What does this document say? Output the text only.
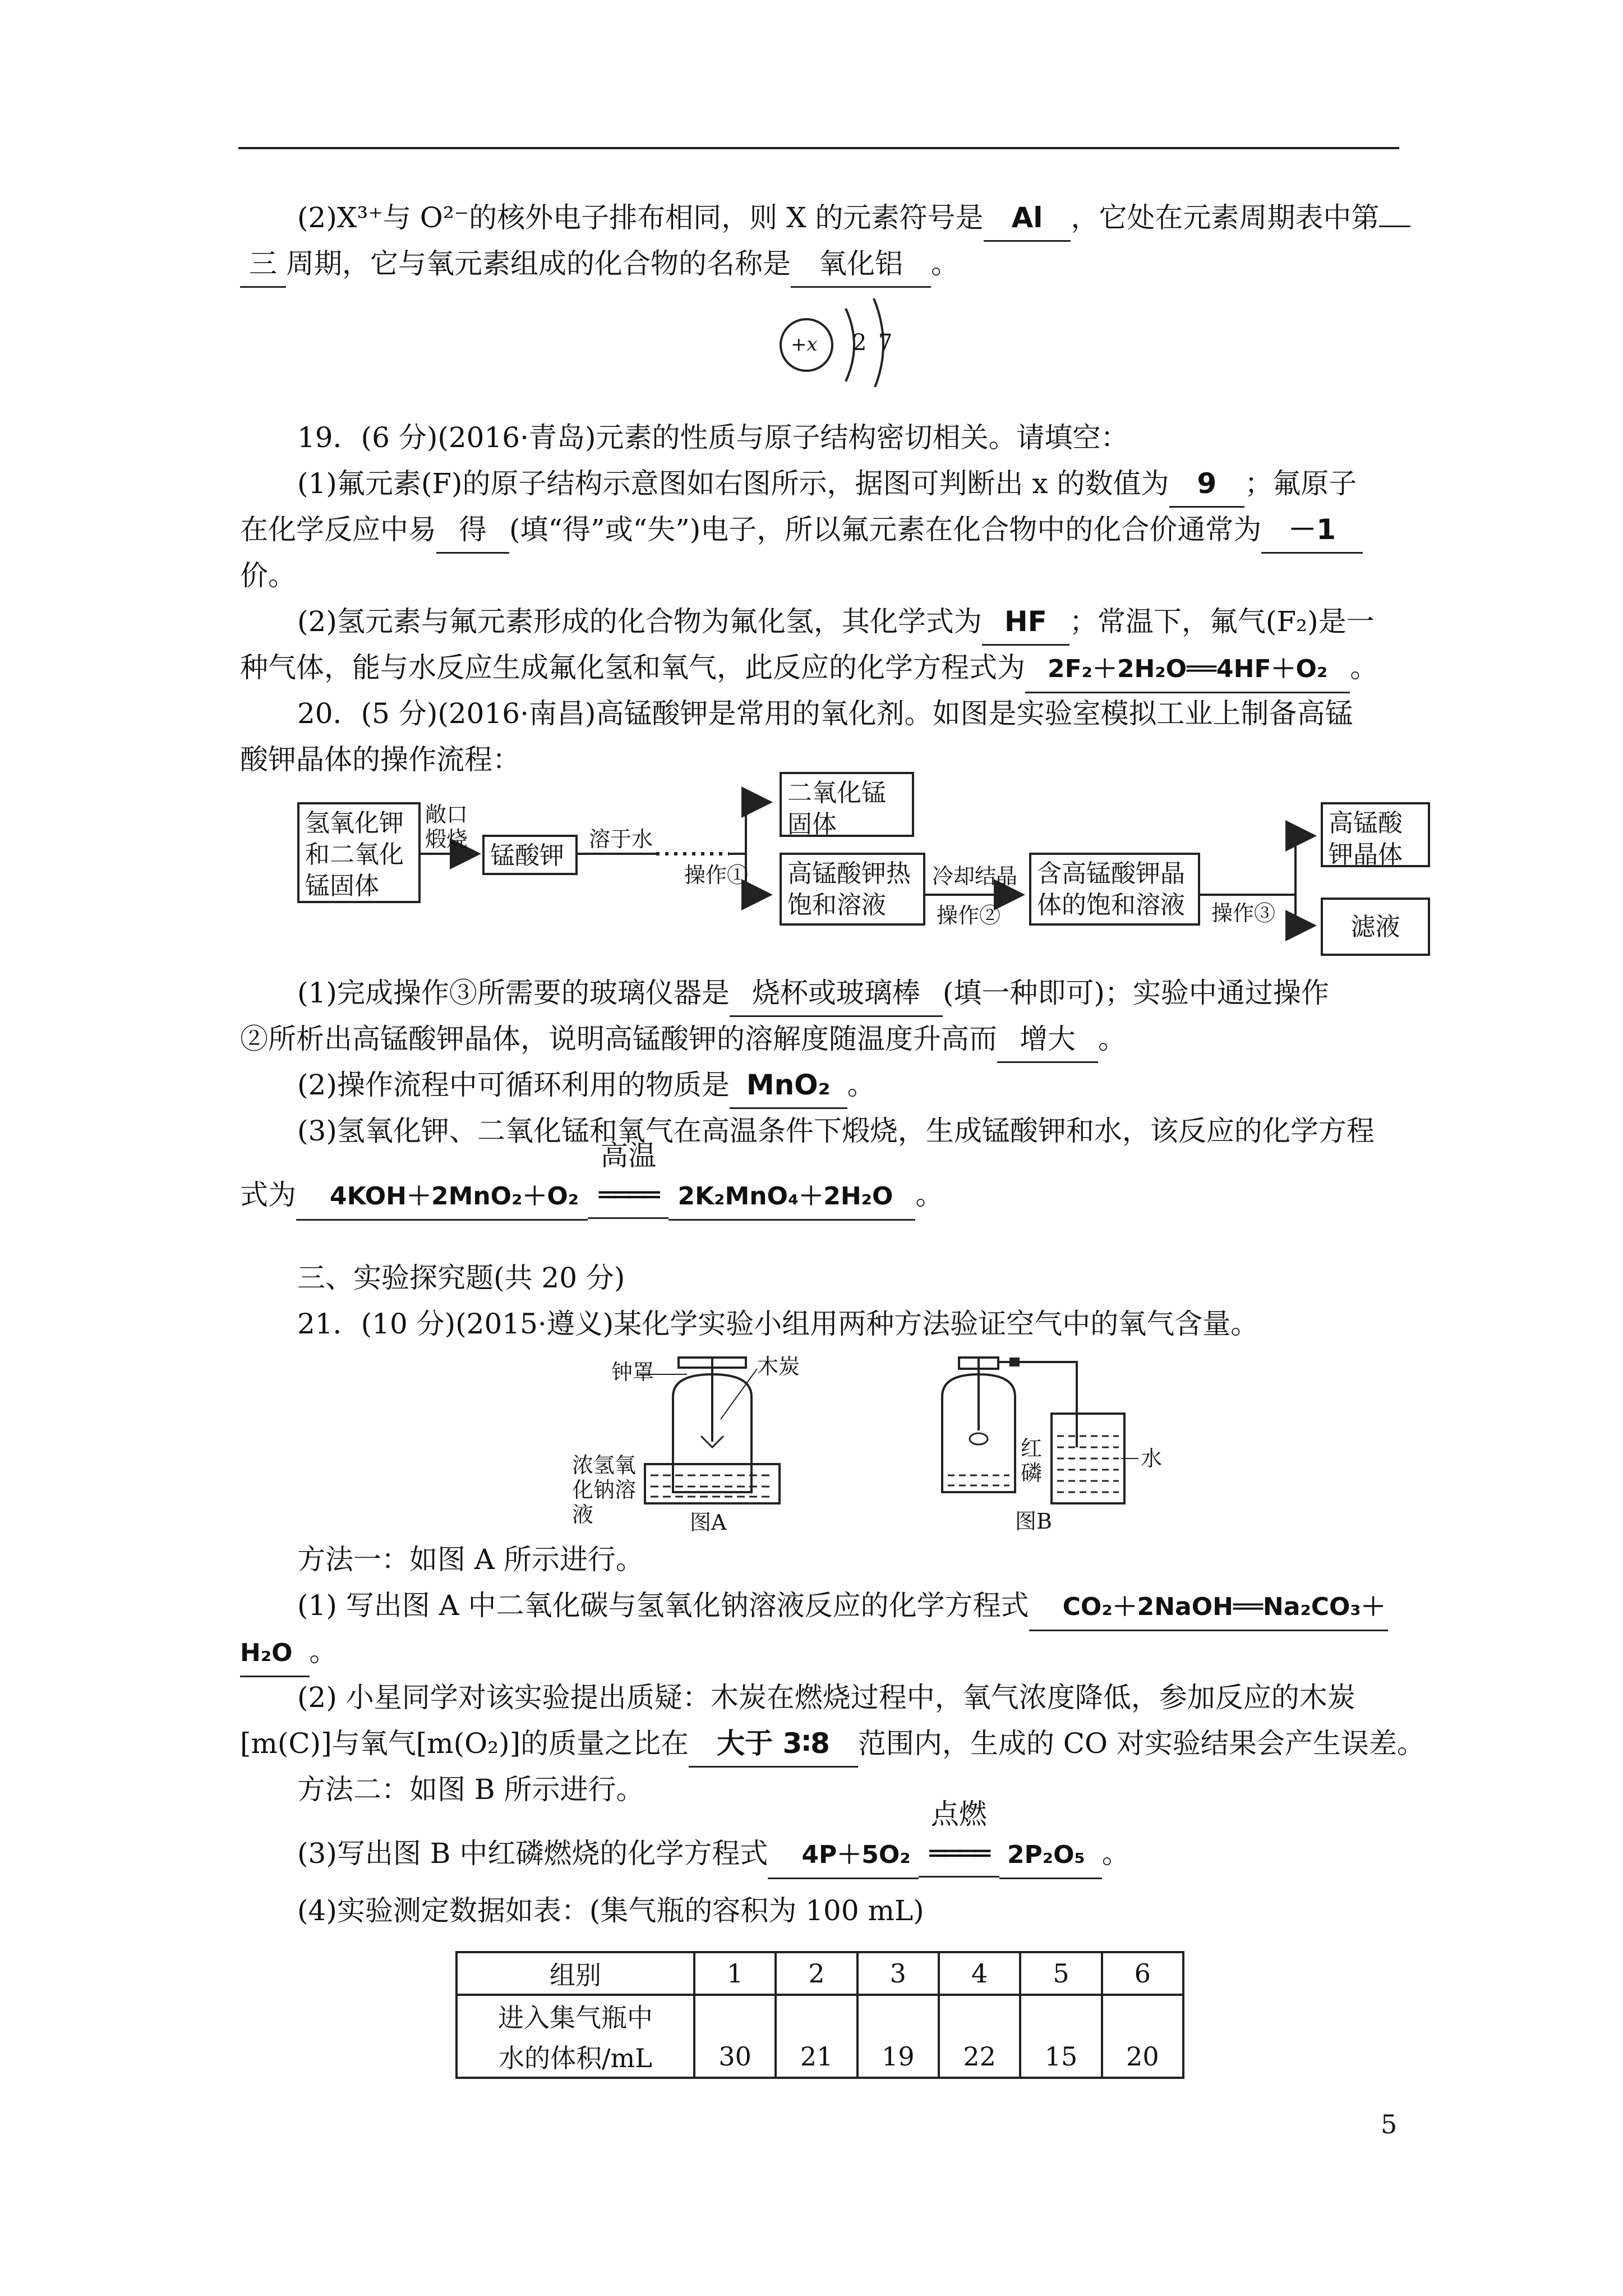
(2)X³⁺与 O²⁻的核外电子排布相同，则 X 的元素符号是 Al ，它处在元素周期表中第
三 周期，它与氧元素组成的化合物的名称是 氧化铝 。
+x 2 7
19．(6 分)(2016·青岛)元素的性质与原子结构密切相关。请填空：
(1)氟元素(F)的原子结构示意图如右图所示，据图可判断出 x 的数值为 9 ；氟原子
在化学反应中易 得 (填“得”或“失”)电子，所以氟元素在化合物中的化合价通常为 －1
价。
(2)氢元素与氟元素形成的化合物为氟化氢，其化学式为 HF ；常温下，氟气(F₂)是一
种气体，能与水反应生成氟化氢和氧气，此反应的化学方程式为 2F₂＋2H₂O══4HF＋O₂ 。
20．(5 分)(2016·南昌)高锰酸钾是常用的氧化剂。如图是实验室模拟工业上制备高锰
酸钾晶体的操作流程：
氢氧化钾和二氧化锰固体
敞口煅烧
锰酸钾
溶于水
操作①
二氧化锰固体
高锰酸钾热饱和溶液
冷却结晶
操作②
含高锰酸钾晶体的饱和溶液	操作③
高锰酸钾晶体
滤液
(1)完成操作③所需要的玻璃仪器是 烧杯或玻璃棒 (填一种即可)；实验中通过操作
②所析出高锰酸钾晶体，说明高锰酸钾的溶解度随温度升高而 增大 。
(2)操作流程中可循环利用的物质是 MnO₂ 。
(3)氢氧化钾、二氧化锰和氧气在高温条件下煅烧，生成锰酸钾和水，该反应的化学方程
式为 4KOH＋2MnO₂＋O₂
高温
════ 2K₂MnO₄＋2H₂O 。
三、实验探究题(共 20 分)
21．(10 分)(2015·遵义)某化学实验小组用两种方法验证空气中的氧气含量。
钟罩	木炭
浓氢氧化钠溶液	图A
红磷
水
图B
方法一：如图 A 所示进行。
(1) 写出图 A 中二氧化碳与氢氧化钠溶液反应的化学方程式 CO₂＋2NaOH══Na₂CO₃＋
H₂O 。
(2) 小星同学对该实验提出质疑：木炭在燃烧过程中，氧气浓度降低，参加反应的木炭
[m(C)]与氧气[m(O₂)]的质量之比在 大于 3∶8 范围内，生成的 CO 对实验结果会产生误差。
方法二：如图 B 所示进行。
(3)写出图 B 中红磷燃烧的化学方程式 4P＋5O₂
点燃
════ 2P₂O₅ 。
(4)实验测定数据如表：(集气瓶的容积为 100 mL)
组别	1	2	3	4	5	6
进入集气瓶中						
水的体积/mL	30	21	19	22	15	20
5
